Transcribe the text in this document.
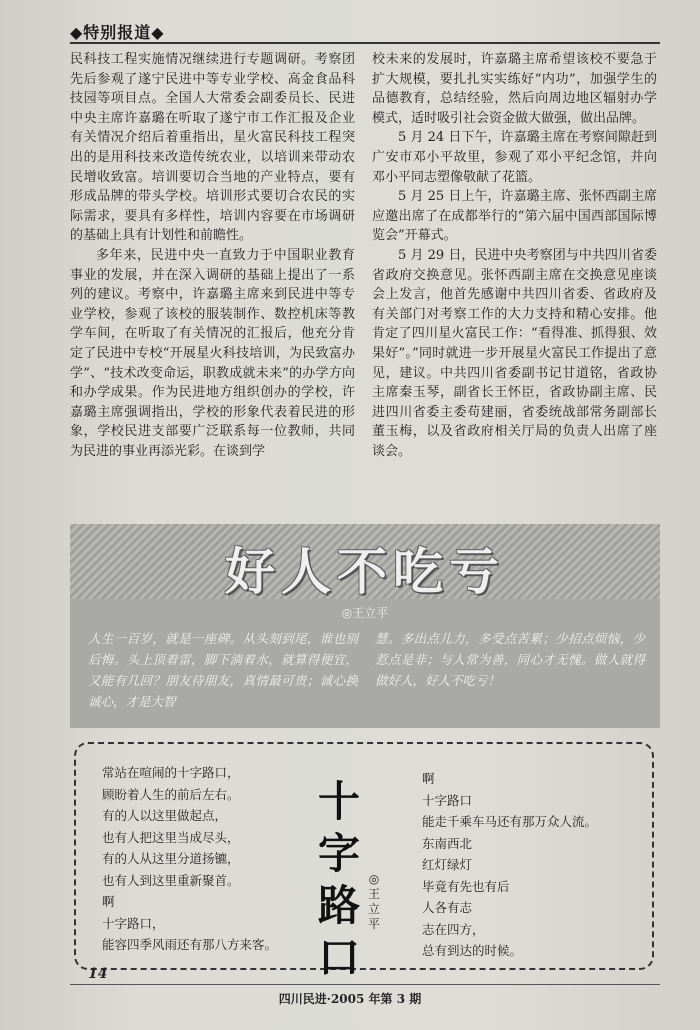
◆特别报道◆

民科技工程实施情况继续进行专题调研。考察团先后参观了遂宁民进中等专业学校、高金食品科技园等项目点。全国人大常委会副委员长、民进中央主席许嘉璐在听取了遂宁市工作汇报及企业有关情况介绍后着重指出，星火富民科技工程突出的是用科技来改造传统农业，以培训来带动农民增收致富。培训要切合当地的产业特点，要有形成品牌的带头学校。培训形式要切合农民的实际需求，要具有多样性，培训内容要在市场调研的基础上具有计划性和前瞻性。

多年来，民进中央一直致力于中国职业教育事业的发展，并在深入调研的基础上提出了一系列的建议。考察中，许嘉璐主席来到民进中等专业学校，参观了该校的服装制作、数控机床等教学车间，在听取了有关情况的汇报后，他充分肯定了民进中专校“开展星火科技培训，为民致富办学”、“技术改变命运，职教成就未来”的办学方向和办学成果。作为民进地方组织创办的学校，许嘉璐主席强调指出，学校的形象代表着民进的形象，学校民进支部要广泛联系每一位教师，共同为民进的事业再添光彩。在谈到学

校未来的发展时，许嘉璐主席希望该校不要急于扩大规模，要扎扎实实练好“内功”，加强学生的品德教育，总结经验，然后向周边地区辐射办学模式，适时吸引社会资金做大做强，做出品牌。

5 月 24 日下午，许嘉璐主席在考察间隙赶到广安市邓小平故里，参观了邓小平纪念馆，并向邓小平同志塑像敬献了花篮。

5 月 25 日上午，许嘉璐主席、张怀西副主席应邀出席了在成都举行的“第六届中国西部国际博览会”开幕式。

5 月 29 日，民进中央考察团与中共四川省委省政府交换意见。张怀西副主席在交换意见座谈会上发言，他首先感谢中共四川省委、省政府及有关部门对考察工作的大力支持和精心安排。他肯定了四川星火富民工作：“看得准、抓得狠、效果好”。”同时就进一步开展星火富民工作提出了意见，建议。中共四川省委副书记甘道铭，省政协主席秦玉琴，副省长王怀臣，省政协副主席、民进四川省委主委苟建丽，省委统战部常务副部长董玉梅，以及省政府相关厅局的负责人出席了座谈会。

好人不吃亏
◎王立平

人生一百岁，就是一座碑。从头刻到尾，谁也别后悔。头上顶着雷，脚下淌着水，就算得便宜，又能有几回？朋友待朋友，真情最可贵；诚心换诚心，才是大智

慧。多出点儿力，多受点苦累；少招点烦恼，少惹点是非；与人常为善，同心才无愧。做人就得做好人，好人不吃亏！

常站在喧闹的十字路口，
顾盼着人生的前后左右。
有的人以这里做起点，
也有人把这里当成尽头，
有的人从这里分道扬镳，
也有人到这里重新聚首。
啊
十字路口，
能容四季风雨还有那八方来客。
十
字
路
口
◎
王
立
平
啊
十字路口
能走千乘车马还有那万众人流。
东南西北
红灯绿灯
毕竟有先也有后
人各有志
志在四方，
总有到达的时候。
14
四川民进·2005 年第 3 期
